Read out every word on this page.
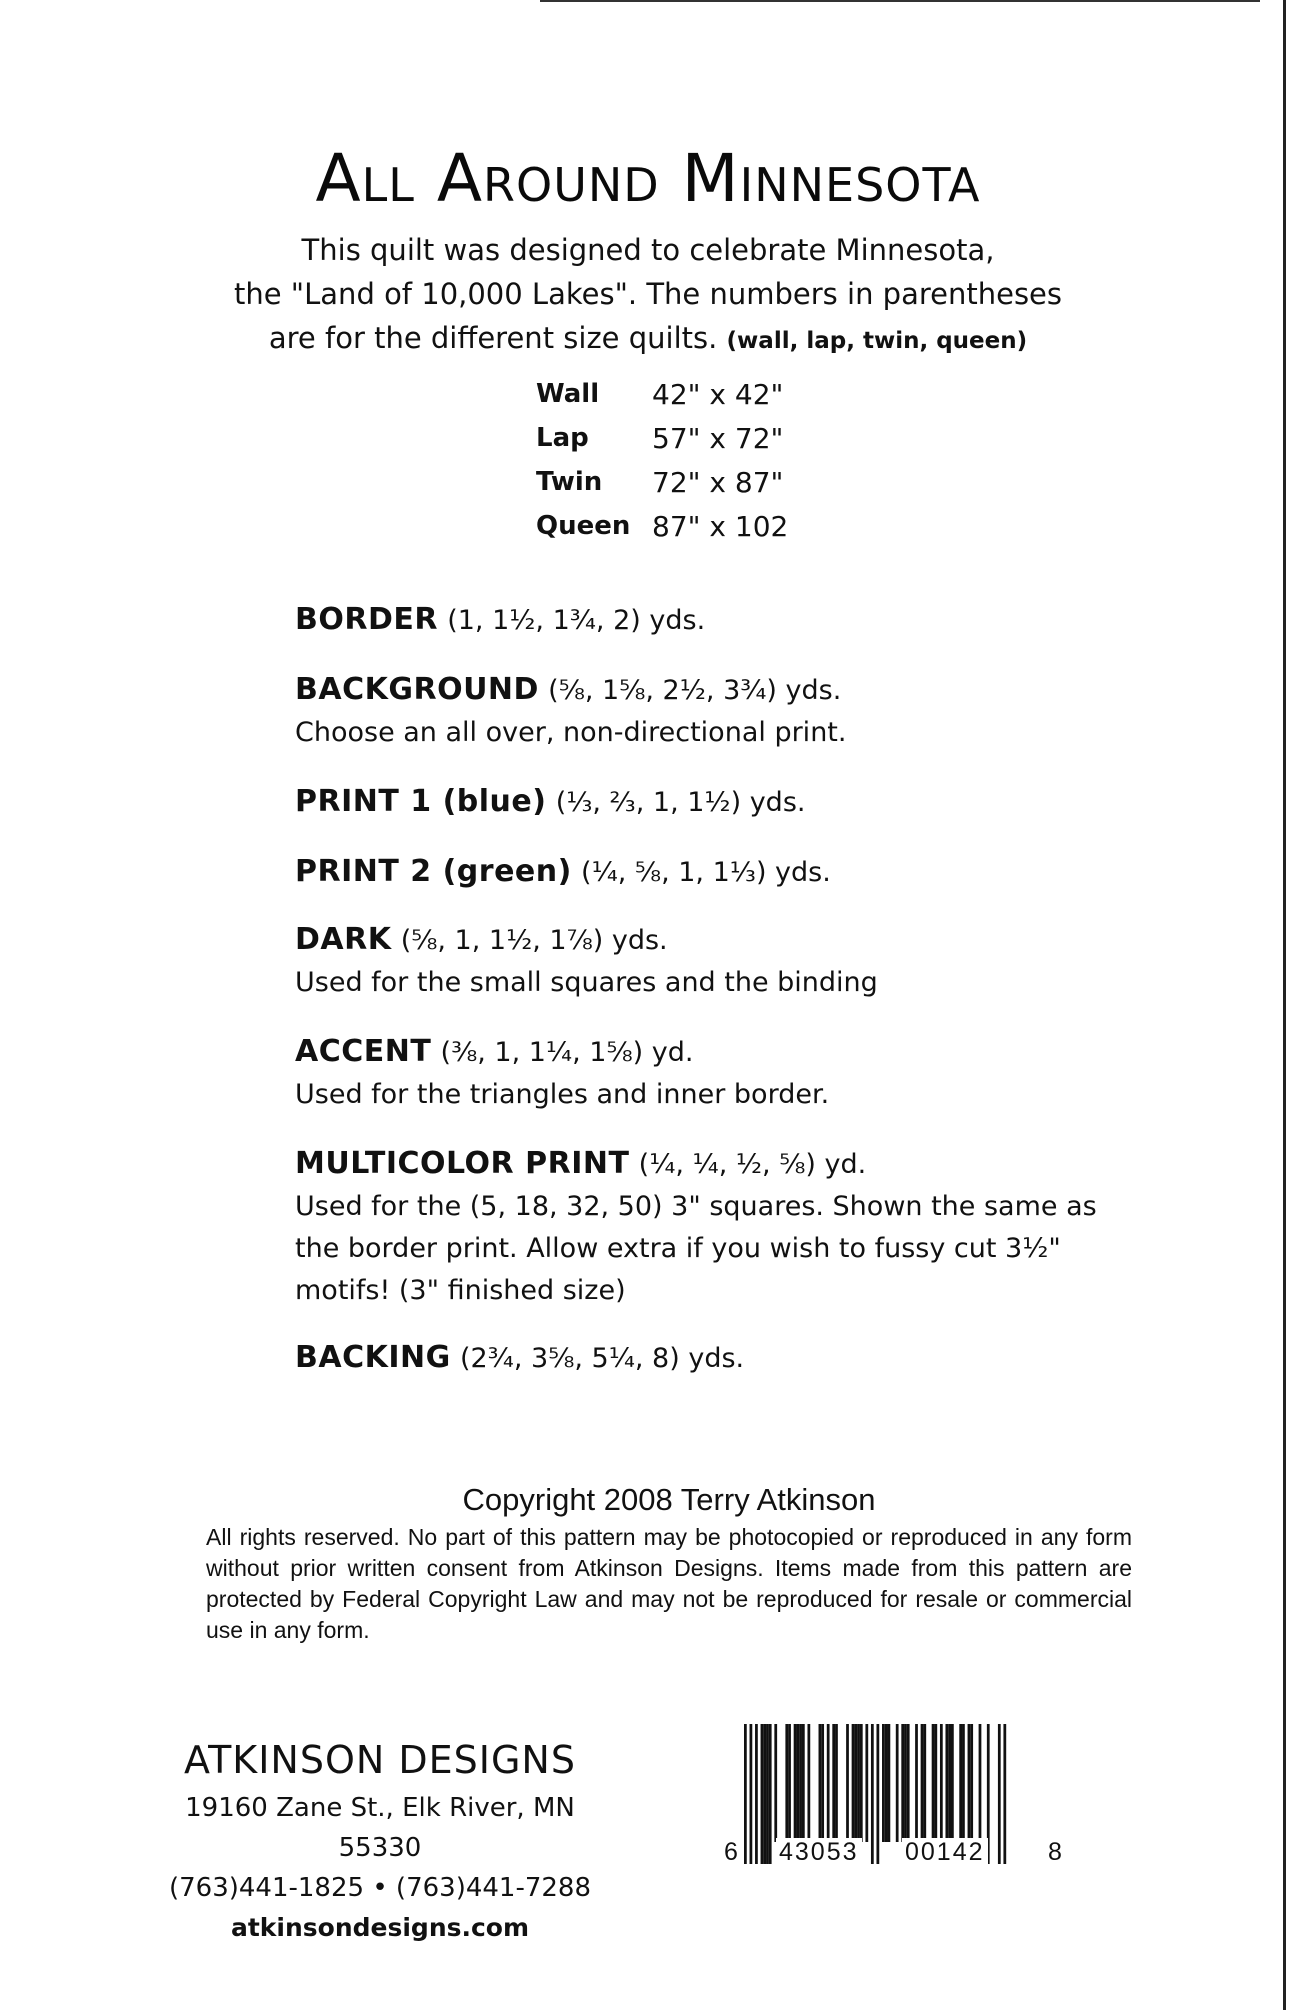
All Around Minnesota
This quilt was designed to celebrate Minnesota,
the "Land of 10,000 Lakes". The numbers in parentheses
are for the different size quilts. (wall, lap, twin, queen)
Wall	42" x 42"
Lap	57" x 72"
Twin	72" x 87"
Queen	87" x 102
BORDER (1, 1½, 1¾, 2) yds.
BACKGROUND (⅝, 1⅝, 2½, 3¾) yds.
Choose an all over, non-directional print.
PRINT 1 (blue) (⅓, ⅔, 1, 1½) yds.
PRINT 2 (green) (¼, ⅝, 1, 1⅓) yds.
DARK (⅝, 1, 1½, 1⅞) yds.
Used for the small squares and the binding
ACCENT (⅜, 1, 1¼, 1⅝) yd.
Used for the triangles and inner border.
MULTICOLOR PRINT (¼, ¼, ½, ⅝) yd.
Used for the (5, 18, 32, 50) 3" squares. Shown the same as
the border print. Allow extra if you wish to fussy cut 3½"
motifs! (3" finished size)
BACKING (2¾, 3⅝, 5¼, 8) yds.
Copyright 2008 Terry Atkinson
All rights reserved. No part of this pattern may be photocopied or reproduced in any form without prior written consent from Atkinson Designs. Items made from this pattern are protected by Federal Copyright Law and may not be reproduced for resale or commercial use in any form.
ATKINSON DESIGNS
19160 Zane St., Elk River, MN 55330
(763)441-1825 • (763)441-7288
atkinsondesigns.com
6 43053 00142	8
